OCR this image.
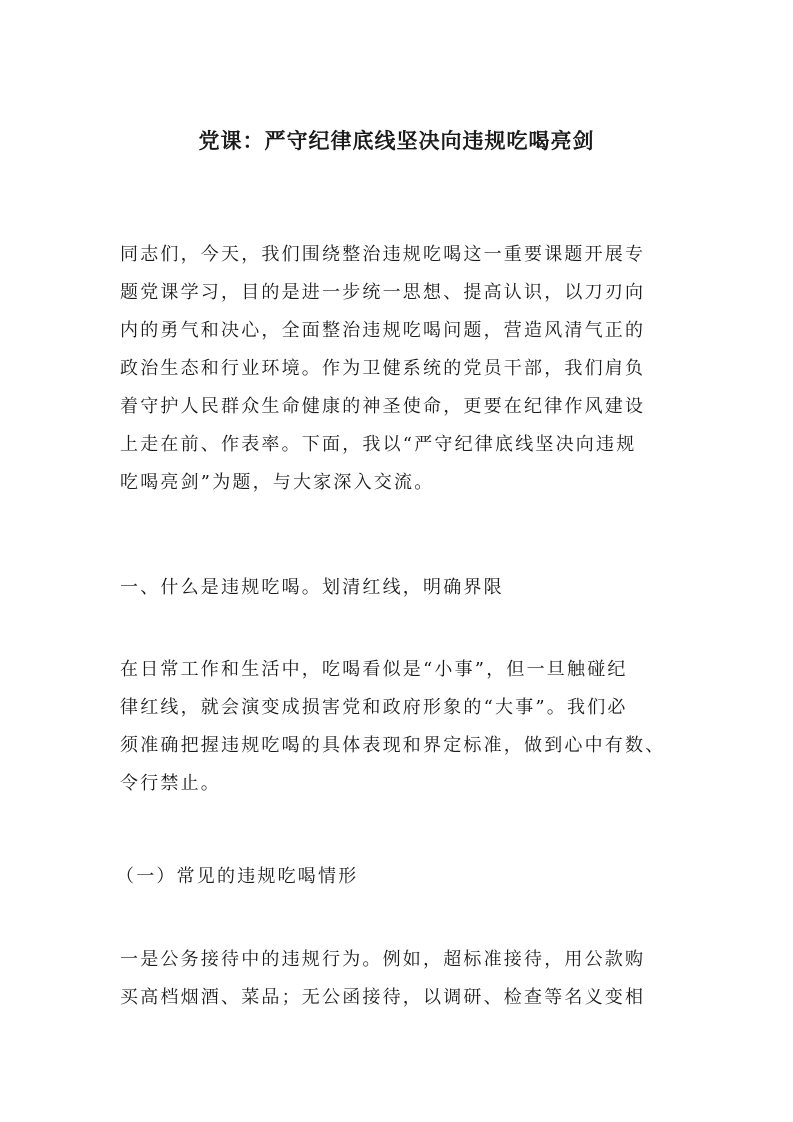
党课：严守纪律底线坚决向违规吃喝亮剑
同志们，今天，我们围绕整治违规吃喝这一重要课题开展专
题党课学习，目的是进一步统一思想、提高认识，以刀刃向
内的勇气和决心，全面整治违规吃喝问题，营造风清气正的
政治生态和行业环境。作为卫健系统的党员干部，我们肩负
着守护人民群众生命健康的神圣使命，更要在纪律作风建设
上走在前、作表率。下面，我以“严守纪律底线坚决向违规
吃喝亮剑”为题，与大家深入交流。
一、什么是违规吃喝。划清红线，明确界限
在日常工作和生活中，吃喝看似是“小事”，但一旦触碰纪
律红线，就会演变成损害党和政府形象的“大事”。我们必
须准确把握违规吃喝的具体表现和界定标准，做到心中有数、
令行禁止。
（一）常见的违规吃喝情形
一是公务接待中的违规行为。例如，超标准接待，用公款购
买高档烟酒、菜品；无公函接待，以调研、检查等名义变相
